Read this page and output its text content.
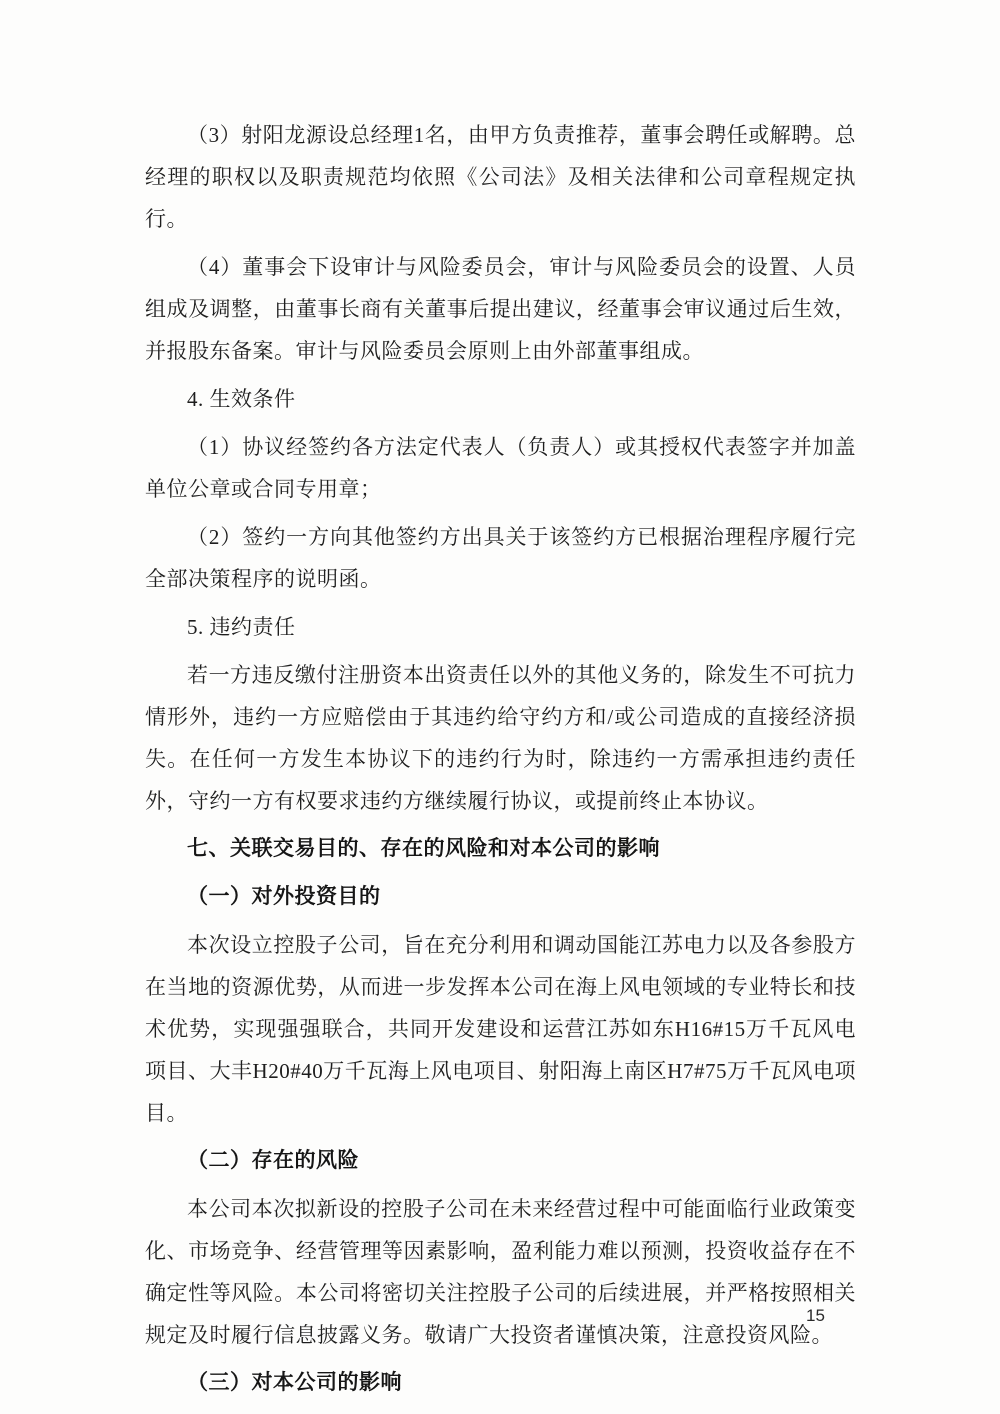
（3）射阳龙源设总经理1名，由甲方负责推荐，董事会聘任或解聘。总经理的职权以及职责规范均依照《公司法》及相关法律和公司章程规定执行。

（4）董事会下设审计与风险委员会，审计与风险委员会的设置、人员组成及调整，由董事长商有关董事后提出建议，经董事会审议通过后生效，并报股东备案。审计与风险委员会原则上由外部董事组成。

4. 生效条件

（1）协议经签约各方法定代表人（负责人）或其授权代表签字并加盖单位公章或合同专用章；

（2）签约一方向其他签约方出具关于该签约方已根据治理程序履行完全部决策程序的说明函。

5. 违约责任

若一方违反缴付注册资本出资责任以外的其他义务的，除发生不可抗力情形外，违约一方应赔偿由于其违约给守约方和/或公司造成的直接经济损失。在任何一方发生本协议下的违约行为时，除违约一方需承担违约责任外，守约一方有权要求违约方继续履行协议，或提前终止本协议。

七、关联交易目的、存在的风险和对本公司的影响

（一）对外投资目的

本次设立控股子公司，旨在充分利用和调动国能江苏电力以及各参股方在当地的资源优势，从而进一步发挥本公司在海上风电领域的专业特长和技术优势，实现强强联合，共同开发建设和运营江苏如东H16#15万千瓦风电项目、大丰H20#40万千瓦海上风电项目、射阳海上南区H7#75万千瓦风电项目。

（二）存在的风险

本公司本次拟新设的控股子公司在未来经营过程中可能面临行业政策变化、市场竞争、经营管理等因素影响，盈利能力难以预测，投资收益存在不确定性等风险。本公司将密切关注控股子公司的后续进展，并严格按照相关规定及时履行信息披露义务。敬请广大投资者谨慎决策，注意投资风险。

（三）对本公司的影响

15
